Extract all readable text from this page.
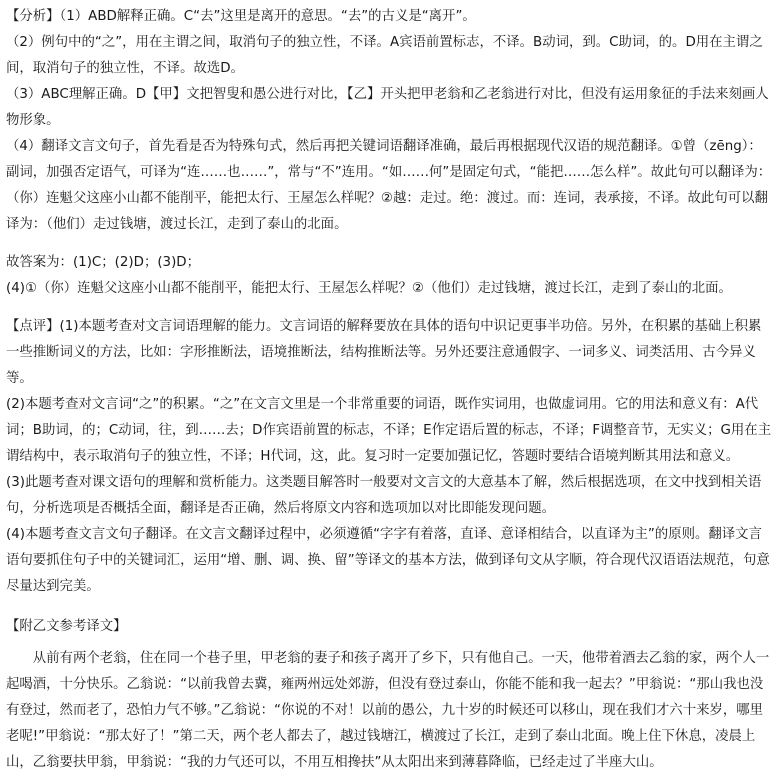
【分析】（1）ABD解释正确。C“去”这里是离开的意思。“去”的古义是“离开”。

（2）例句中的“之”，用在主谓之间，取消句子的独立性，不译。A宾语前置标志，不译。B动词，到。C助词，的。D用在主谓之间，取消句子的独立性，不译。故选D。

（3）ABC理解正确。D【甲】文把智叟和愚公进行对比，【乙】开头把甲老翁和乙老翁进行对比，但没有运用象征的手法来刻画人物形象。

（4）翻译文言文句子，首先看是否为特殊句式，然后再把关键词语翻译准确，最后再根据现代汉语的规范翻译。①曾（zēng）：副词，加强否定语气，可译为“连……也……”，常与“不”连用。“如……何”是固定句式，“能把……怎么样”。故此句可以翻译为：（你）连魁父这座小山都不能削平，能把太行、王屋怎么样呢？②越：走过。绝：渡过。而：连词，表承接，不译。故此句可以翻译为：（他们）走过钱塘，渡过长江，走到了泰山的北面。

故答案为：(1)C；(2)D；(3)D；

(4)①（你）连魁父这座小山都不能削平，能把太行、王屋怎么样呢？②（他们）走过钱塘，渡过长江，走到了泰山的北面。

【点评】(1)本题考查对文言词语理解的能力。文言词语的解释要放在具体的语句中识记更事半功倍。另外，在积累的基础上积累一些推断词义的方法，比如：字形推断法，语境推断法，结构推断法等。另外还要注意通假字、一词多义、词类活用、古今异义等。

(2)本题考查对文言词“之”的积累。“之”在文言文里是一个非常重要的词语，既作实词用，也做虚词用。它的用法和意义有：A代词；B助词，的；C动词，往，到……去；D作宾语前置的标志，不译；E作定语后置的标志，不译；F调整音节，无实义；G用在主谓结构中，表示取消句子的独立性，不译；H代词，这，此。复习时一定要加强记忆，答题时要结合语境判断其用法和意义。

(3)此题考查对课文语句的理解和赏析能力。这类题目解答时一般要对文言文的大意基本了解，然后根据选项，在文中找到相关语句，分析选项是否概括全面，翻译是否正确，然后将原文内容和选项加以对比即能发现问题。

(4)本题考查文言文句子翻译。在文言文翻译过程中，必须遵循“字字有着落，直译、意译相结合，以直译为主”的原则。翻译文言语句要抓住句子中的关键词汇，运用“增、删、调、换、留”等译文的基本方法，做到译句文从字顺，符合现代汉语语法规范，句意尽量达到完美。

【附乙文参考译文】

从前有两个老翁，住在同一个巷子里，甲老翁的妻子和孩子离开了乡下，只有他自己。一天，他带着酒去乙翁的家，两个人一起喝酒，十分快乐。乙翁说：“以前我曾去冀，雍两州远处郊游，但没有登过泰山，你能不能和我一起去？”甲翁说：“那山我也没有登过，然而老了，恐怕力气不够。”乙翁说：“你说的不对！以前的愚公，九十岁的时候还可以移山，现在我们才六十来岁，哪里老呢!”甲翁说：“那太好了！”第二天，两个老人都去了，越过钱塘江，横渡过了长江，走到了泰山北面。晚上住下休息，凌晨上山，乙翁要扶甲翁，甲翁说：“我的力气还可以，不用互相搀扶”从太阳出来到薄暮降临，已经走过了半座大山。
